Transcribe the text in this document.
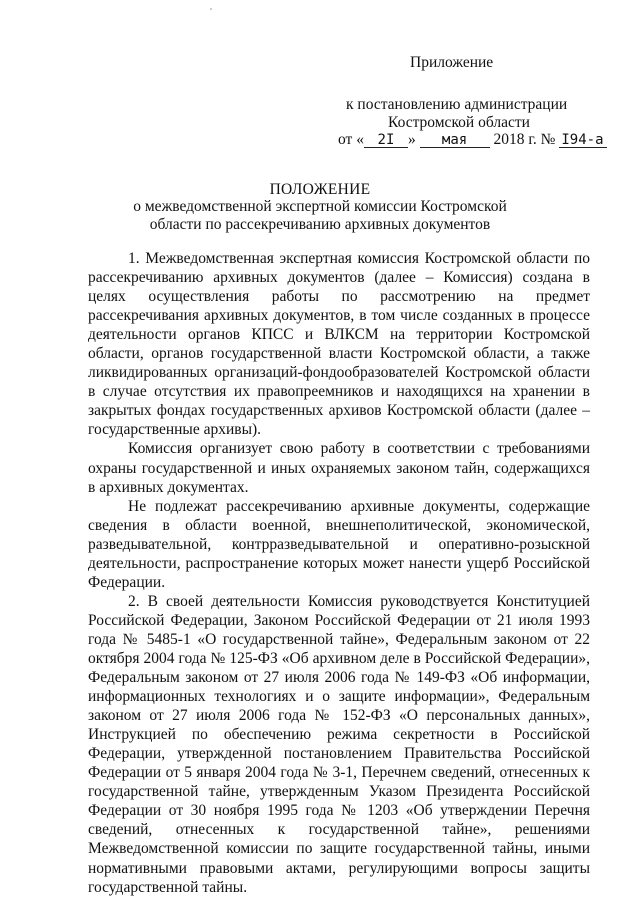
Приложение
к постановлению администрации
Костромской области
от « 2I » мая 2018 г. № I94-а
ПОЛОЖЕНИЕ
о межведомственной экспертной комиссии Костромской
области по рассекречиванию архивных документов

1. Межведомственная экспертная комиссия Костромской области по рассекречиванию архивных документов (далее – Комиссия) создана в целях осуществления работы по рассмотрению на предмет рассекречивания архивных документов, в том числе созданных в процессе деятельности органов КПСС и ВЛКСМ на территории Костромской области, органов государственной власти Костромской области, а также ликвидированных организаций-фондообразователей Костромской области в случае отсутствия их правопреемников и находящихся на хранении в закрытых фондах государственных архивов Костромской области (далее – государственные архивы).

Комиссия организует свою работу в соответствии с требованиями охраны государственной и иных охраняемых законом тайн, содержащихся в архивных документах.

Не подлежат рассекречиванию архивные документы, содержащие сведения в области военной, внешнеполитической, экономической, разведывательной, контрразведывательной и оперативно-розыскной деятельности, распространение которых может нанести ущерб Российской Федерации.

2. В своей деятельности Комиссия руководствуется Конституцией Российской Федерации, Законом Российской Федерации от 21 июля 1993 года № 5485-1 «О государственной тайне», Федеральным законом от 22 октября 2004 года № 125-ФЗ «Об архивном деле в Российской Федерации», Федеральным законом от 27 июля 2006 года № 149-ФЗ «Об информации, информационных технологиях и о защите информации», Федеральным законом от 27 июля 2006 года № 152-ФЗ «О персональных данных», Инструкцией по обеспечению режима секретности в Российской Федерации, утвержденной постановлением Правительства Российской Федерации от 5 января 2004 года № 3-1, Перечнем сведений, отнесенных к государственной тайне, утвержденным Указом Президента Российской Федерации от 30 ноября 1995 года № 1203 «Об утверждении Перечня сведений, отнесенных к государственной тайне», решениями Межведомственной комиссии по защите государственной тайны, иными нормативными правовыми актами, регулирующими вопросы защиты государственной тайны.
